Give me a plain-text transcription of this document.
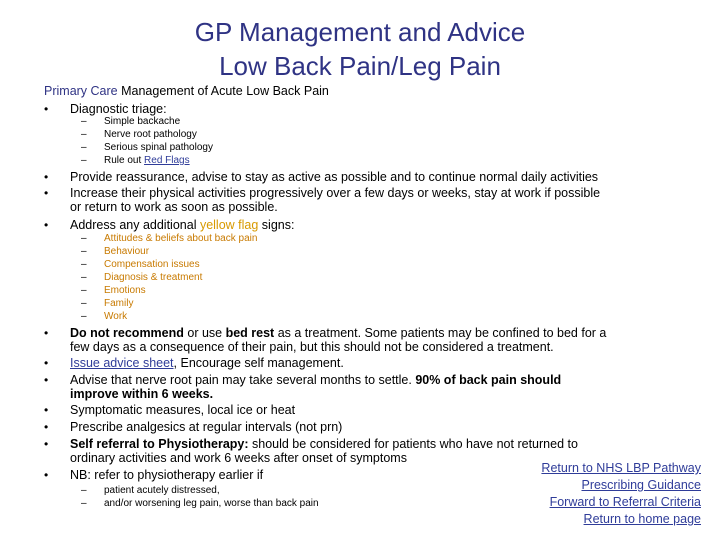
GP Management and Advice
Low Back Pain/Leg Pain
Primary Care Management of Acute Low Back Pain
• Diagnostic triage:
– Simple backache
– Nerve root pathology
– Serious spinal pathology
– Rule out Red Flags
• Provide reassurance, advise to stay as active as possible and to continue normal daily activities
• Increase their physical activities progressively over a few days or weeks, stay at work if possible
or return to work as soon as possible.
• Address any additional yellow flag signs:
– Attitudes & beliefs about back pain
– Behaviour
– Compensation issues
– Diagnosis & treatment
– Emotions
– Family
– Work
• Do not recommend or use bed rest as a treatment. Some patients may be confined to bed for a
few days as a consequence of their pain, but this should not be considered a treatment.
• Issue advice sheet, Encourage self management.
• Advise that nerve root pain may take several months to settle. 90% of back pain should
improve within 6 weeks.
• Symptomatic measures, local ice or heat
• Prescribe analgesics at regular intervals (not prn)
• Self referral to Physiotherapy: should be considered for patients who have not returned to
ordinary activities and work 6 weeks after onset of symptoms
• NB: refer to physiotherapy earlier if
– patient acutely distressed,
– and/or worsening leg pain, worse than back pain
Return to NHS LBP Pathway
Prescribing Guidance
Forward to Referral Criteria
Return to home page
